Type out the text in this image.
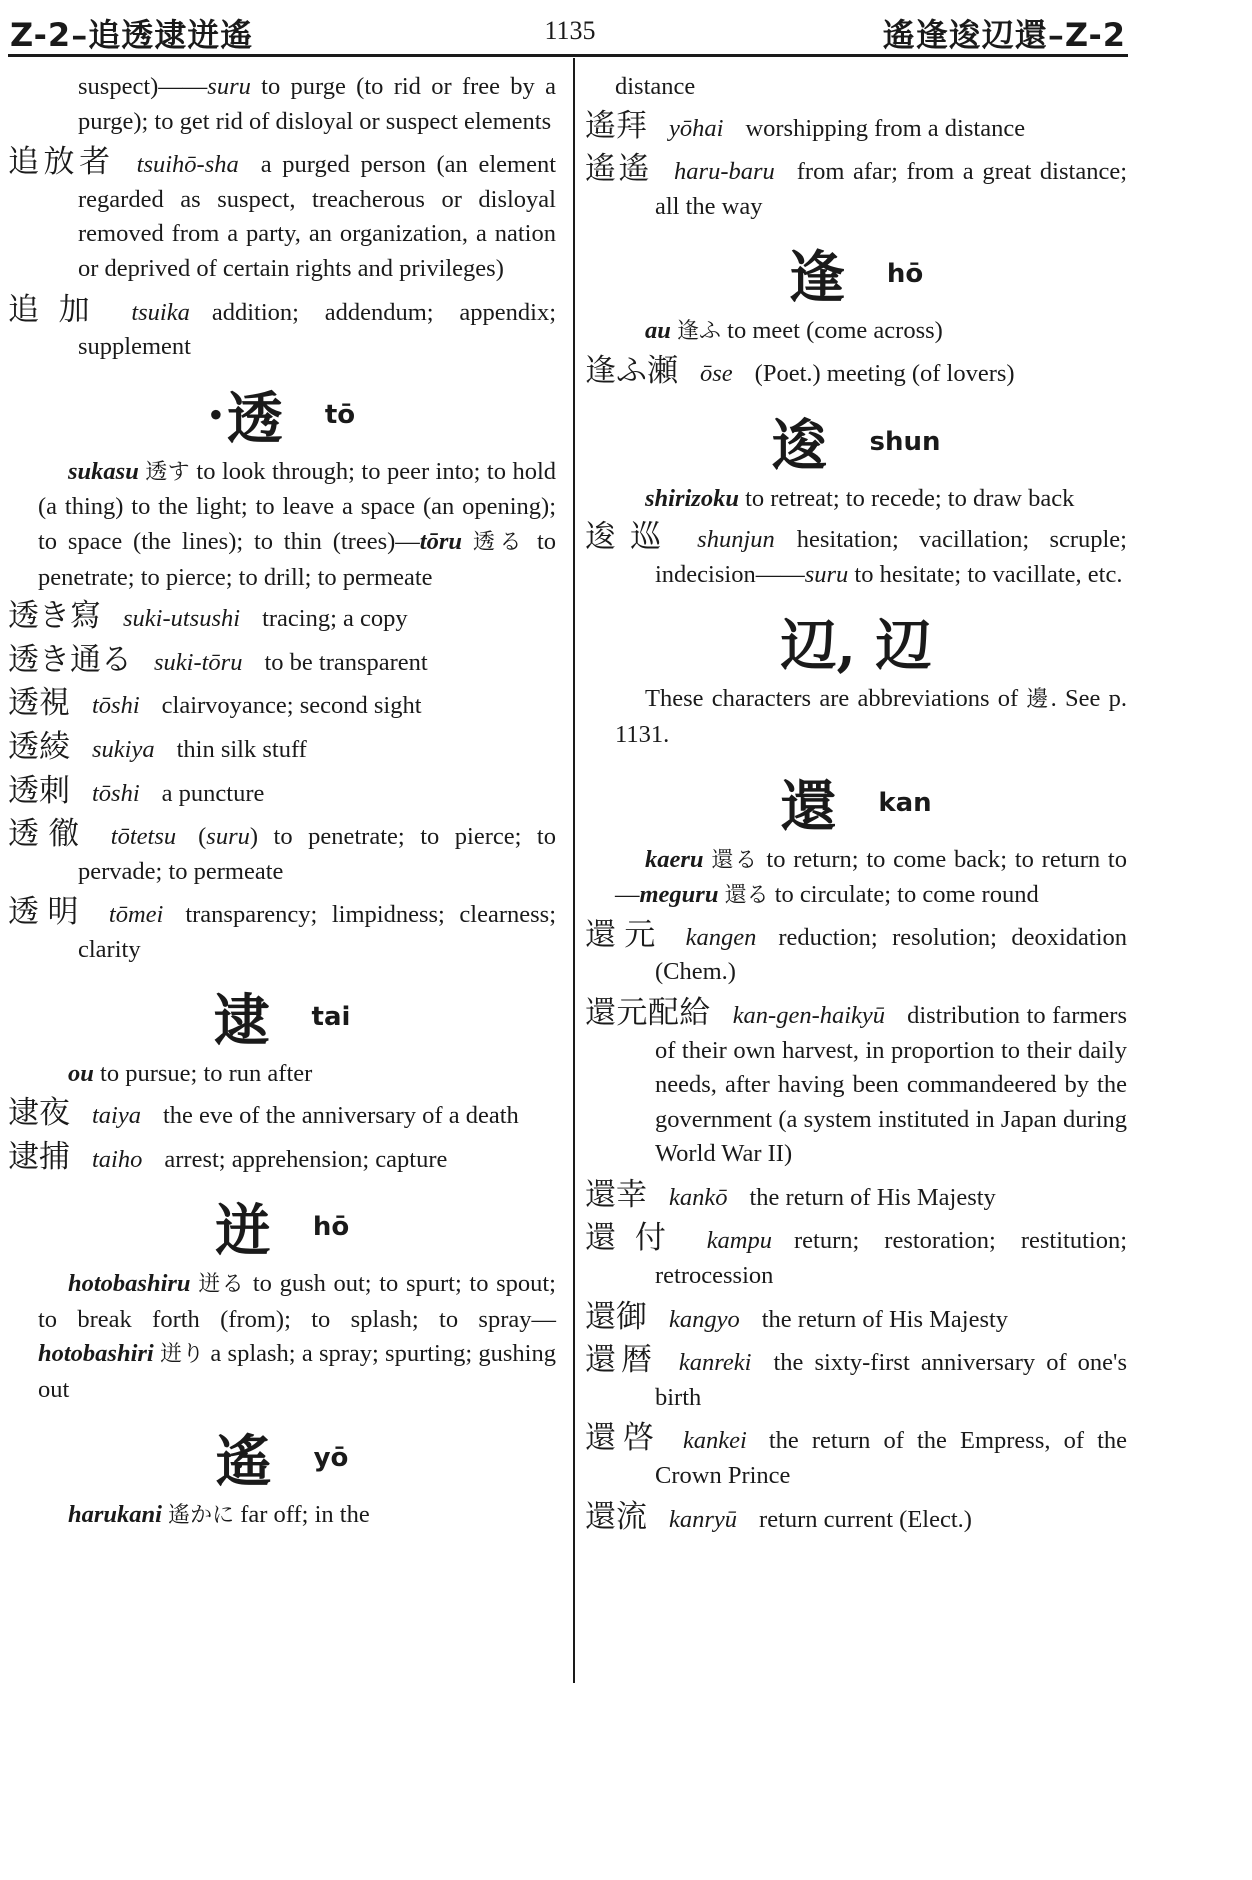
Z-2–追透逮迸遙	1135	遙逢逡辺還–Z-2

suspect)——suru to purge (to rid or free by a purge); to get rid of disloyal or suspect elements

追放者 tsuihō-sha a purged person (an element regarded as suspect, treacherous or disloyal removed from a party, an organization, a nation or deprived of certain rights and privileges)

追加 tsuika addition; addendum; appendix; supplement

•透 tō

sukasu 透す to look through; to peer into; to hold (a thing) to the light; to leave a space (an opening); to space (the lines); to thin (trees)—tōru 透る to penetrate; to pierce; to drill; to permeate

透き寫 suki-utsushi tracing; a copy

透き通る suki-tōru to be transparent

透視 tōshi clairvoyance; second sight

透綾 sukiya thin silk stuff

透刺 tōshi a puncture

透徹 tōtetsu (suru) to penetrate; to pierce; to pervade; to permeate

透明 tōmei transparency; limpidness; clearness; clarity

逮 tai

ou to pursue; to run after

逮夜 taiya the eve of the anniversary of a death

逮捕 taiho arrest; apprehension; capture

迸 hō

hotobashiru 迸る to gush out; to spurt; to spout; to break forth (from); to splash; to spray—hotobashiri 迸り a splash; a spray; spurting; gushing out

遙 yō

harukani 遙かに far off; in the

distance

遙拜 yōhai worshipping from a distance

遙遙 haru-baru from afar; from a great distance; all the way

逢 hō

au 逢ふ to meet (come across)

逢ふ瀬 ōse (Poet.) meeting (of lovers)

逡 shun

shirizoku to retreat; to recede; to draw back

逡巡 shunjun hesitation; vacillation; scruple; indecision——suru to hesitate; to vacillate, etc.

辺, 辺

These characters are abbreviations of 邊. See p. 1131.

還 kan

kaeru 還る to return; to come back; to return to—meguru 還る to circulate; to come round

還元 kangen reduction; resolution; deoxidation (Chem.)

還元配給 kan-gen-haikyū distribution to farmers of their own harvest, in proportion to their daily needs, after having been commandeered by the government (a system instituted in Japan during World War II)

還幸 kankō the return of His Majesty

還付 kampu return; restoration; restitution; retrocession

還御 kangyo the return of His Majesty

還暦 kanreki the sixty-first anniversary of one's birth

還啓 kankei the return of the Empress, of the Crown Prince

還流 kanryū return current (Elect.)
